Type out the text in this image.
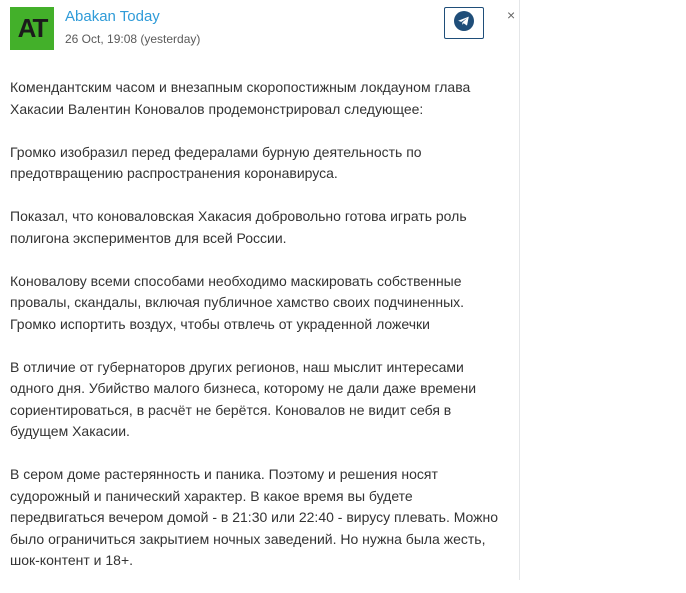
AT	Abakan Today
26 Oct, 19:08 (yesterday)
×

Комендантским часом и внезапным скоропостижным локдауном глава Хакасии Валентин Коновалов продемонстрировал следующее:

Громко изобразил перед федералами бурную деятельность по предотвращению распространения коронавируса.

Показал, что коноваловская Хакасия добровольно готова играть роль полигона экспериментов для всей России.

Коновалову всеми способами необходимо маскировать собственные провалы, скандалы, включая публичное хамство своих подчиненных. Громко испортить воздух, чтобы отвлечь от украденной ложечки

В отличие от губернаторов других регионов, наш мыслит интересами одного дня. Убийство малого бизнеса, которому не дали даже времени сориентироваться, в расчёт не берётся. Коновалов не видит себя в будущем Хакасии.

В сером доме растерянность и паника. Поэтому и решения носят судорожный и панический характер. В какое время вы будете передвигаться вечером домой - в 21:30 или 22:40 - вирусу плевать. Можно было ограничиться закрытием ночных заведений. Но нужна была жесть, шок-контент и 18+.
